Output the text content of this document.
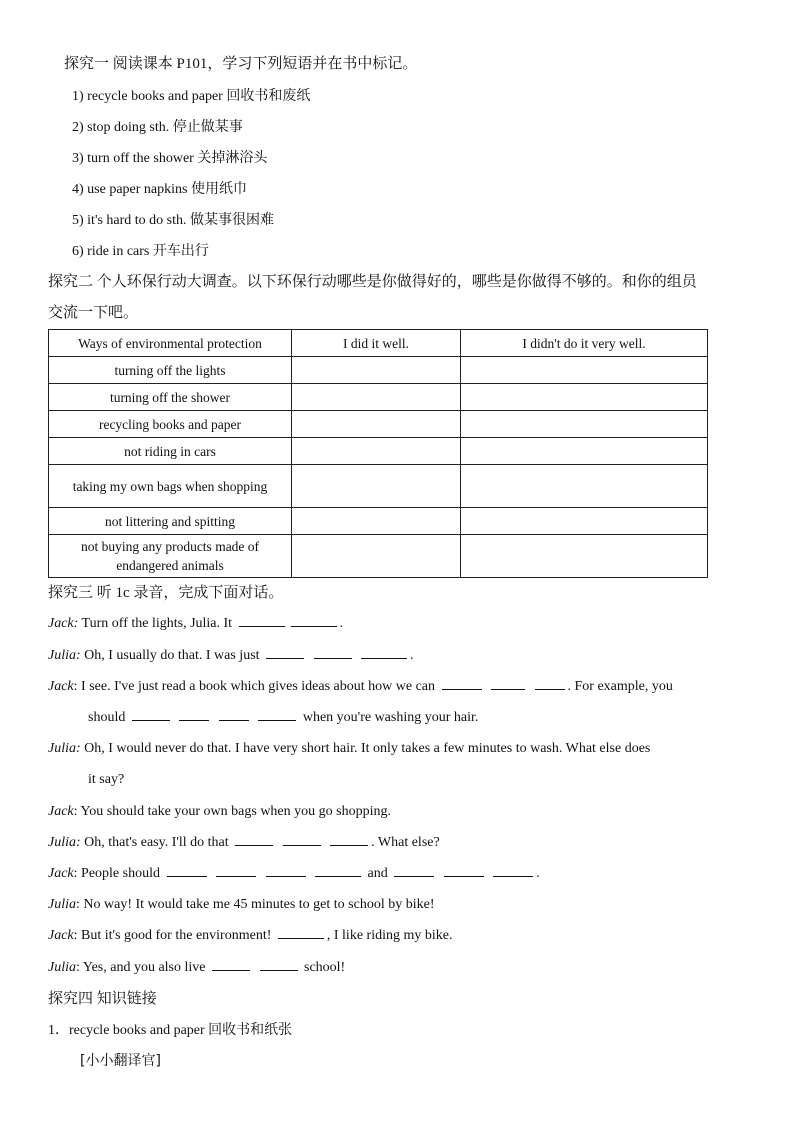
探究一 阅读课本 P101，学习下列短语并在书中标记。
1) recycle books and paper 回收书和废纸
2) stop doing sth. 停止做某事
3) turn off the shower 关掉淋浴头
4) use paper napkins 使用纸巾
5) it's hard to do sth. 做某事很困难
6) ride in cars 开车出行
探究二 个人环保行动大调查。以下环保行动哪些是你做得好的，哪些是你做得不够的。和你的组员
交流一下吧。
Ways of environmental protection	I did it well.	I didn't do it very well.
turning off the lights		
turning off the shower		
recycling books and paper		
not riding in cars		
taking my own bags when shopping		
not littering and spitting		
not buying any products made of endangered animals		
探究三 听 1c 录音，完成下面对话。
Jack: Turn off the lights, Julia. It	.
Julia: Oh, I usually do that. I was just	.
Jack: I see. I've just read a book which gives ideas about how we can	. For example, you
should	when you're washing your hair.
Julia: Oh, I would never do that. I have very short hair. It only takes a few minutes to wash. What else does
it say?
Jack: You should take your own bags when you go shopping.
Julia: Oh, that's easy. I'll do that	. What else?
Jack: People should	and	.
Julia: No way! It would take me 45 minutes to get to school by bike!
Jack: But it's good for the environment!	, I like riding my bike.
Julia: Yes, and you also live	school!
探究四 知识链接
1．recycle books and paper 回收书和纸张
[小小翻译官]
